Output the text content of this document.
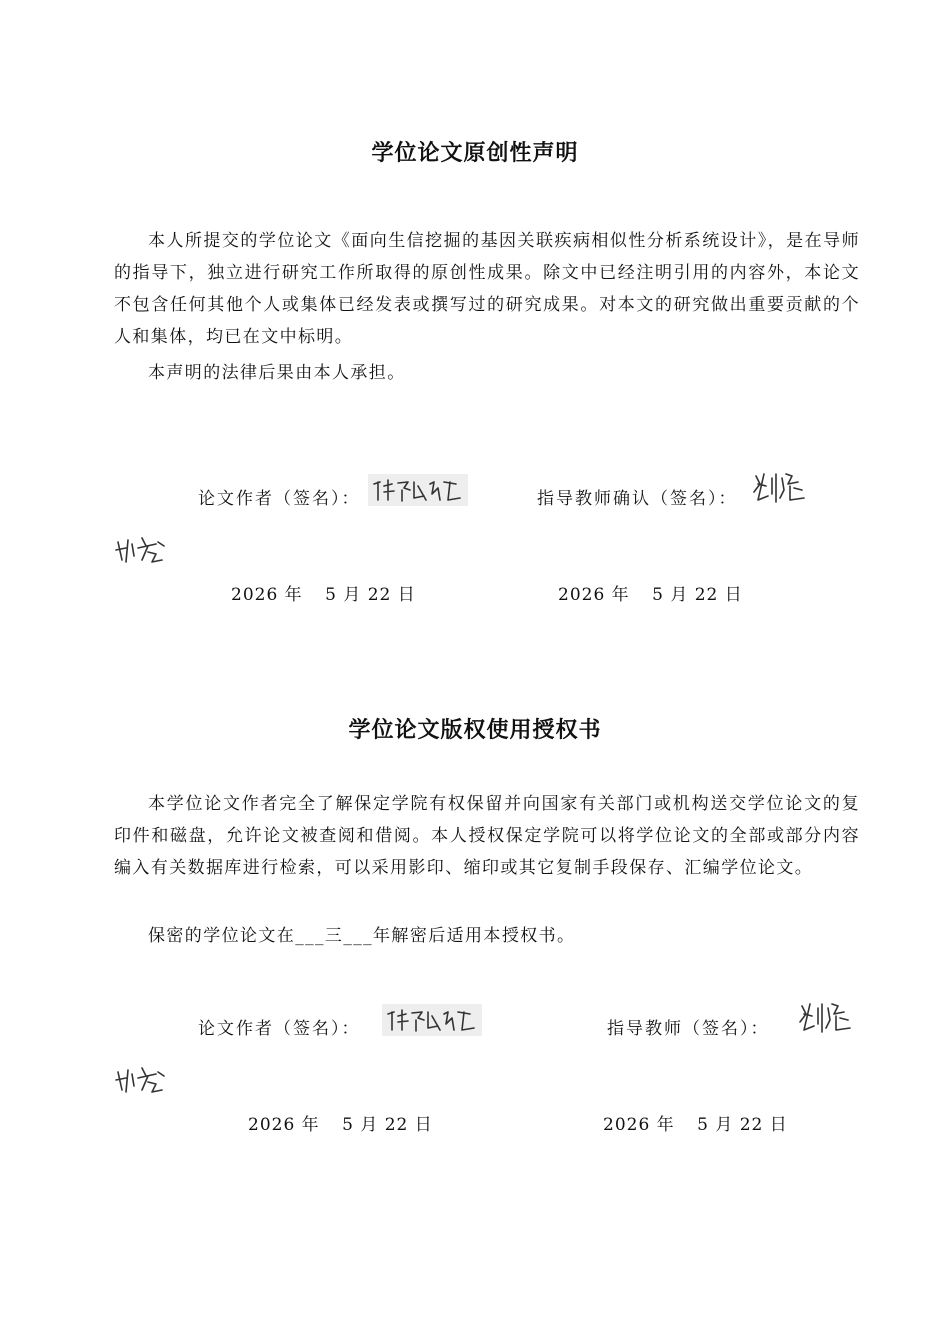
学位论文原创性声明

本人所提交的学位论文《面向生信挖掘的基因关联疾病相似性分析系统设计》，是在导师的指导下，独立进行研究工作所取得的原创性成果。除文中已经注明引用的内容外，本论文不包含任何其他个人或集体已经发表或撰写过的研究成果。对本文的研究做出重要贡献的个人和集体，均已在文中标明。

本声明的法律后果由本人承担。

论文作者（签名）：	指导教师确认（签名）：
2026 年 5 月 22 日	2026 年 5 月 22 日
学位论文版权使用授权书

本学位论文作者完全了解保定学院有权保留并向国家有关部门或机构送交学位论文的复印件和磁盘，允许论文被查阅和借阅。本人授权保定学院可以将学位论文的全部或部分内容编入有关数据库进行检索，可以采用影印、缩印或其它复制手段保存、汇编学位论文。

保密的学位论文在___三___年解密后适用本授权书。
论文作者（签名）：	指导教师（签名）：
2026 年 5 月 22 日	2026 年 5 月 22 日
